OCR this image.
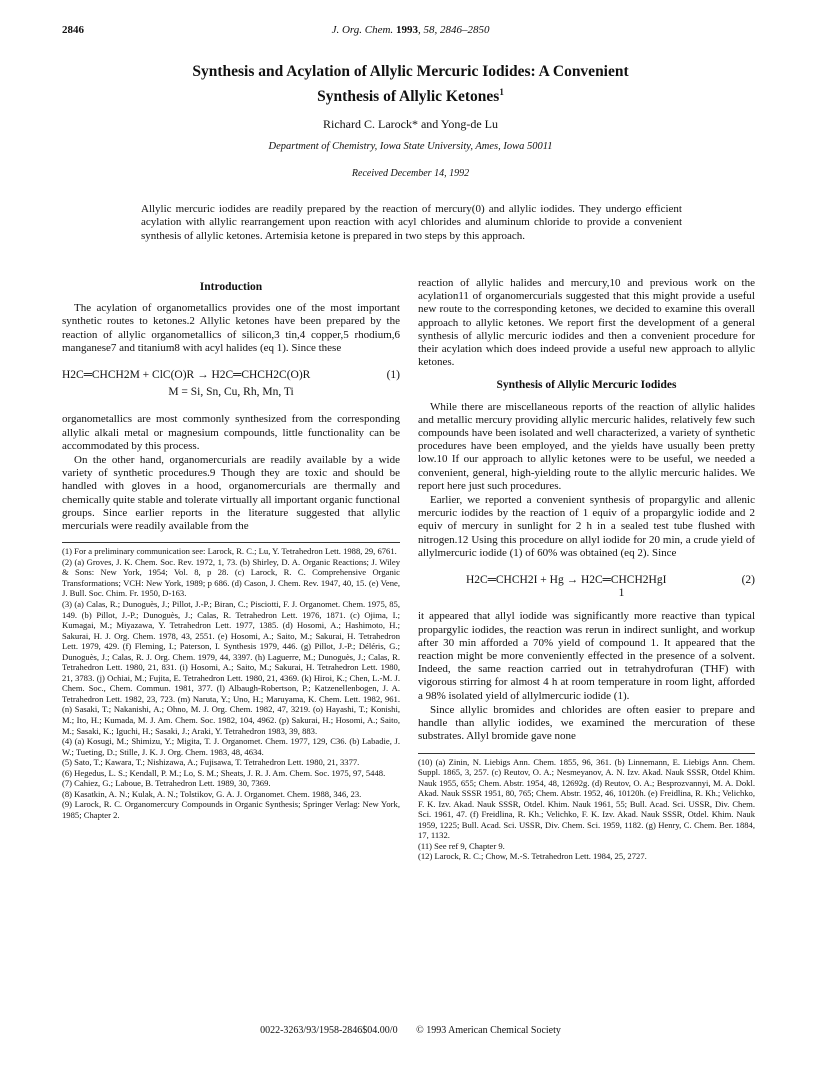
2846	J. Org. Chem. 1993, 58, 2846–2850
Synthesis and Acylation of Allylic Mercuric Iodides: A Convenient
Synthesis of Allylic Ketones$^1$
Richard C. Larock* and Yong-de Lu
Department of Chemistry, Iowa State University, Ames, Iowa 50011
Received December 14, 1992
Allylic mercuric iodides are readily prepared by the reaction of mercury(0) and allylic iodides. They undergo efficient acylation with allylic rearrangement upon reaction with acyl chlorides and aluminum chloride to provide a convenient synthesis of allylic ketones. Artemisia ketone is prepared in two steps by this approach.
Introduction

The acylation of organometallics provides one of the most important synthetic routes to ketones.2 Allylic ketones have been prepared by the reaction of allylic organometallics of silicon,3 tin,4 copper,5 rhodium,6 manganese7 and titanium8 with acyl halides (eq 1). Since these

H2C═CHCH2M + ClC(O)R → H2C═CHCH2C(O)R	(1)
M = Si, Sn, Cu, Rh, Mn, Ti

organometallics are most commonly synthesized from the corresponding allylic alkali metal or magnesium compounds, little functionality can be accommodated by this process.

On the other hand, organomercurials are readily available by a wide variety of synthetic procedures.9 Though they are toxic and should be handled with gloves in a hood, organomercurials are thermally and chemically quite stable and tolerate virtually all important organic functional groups. Since earlier reports in the literature suggested that allylic mercurials were readily available from the

(1) For a preliminary communication see: Larock, R. C.; Lu, Y. Tetrahedron Lett. 1988, 29, 6761.

(2) (a) Groves, J. K. Chem. Soc. Rev. 1972, 1, 73. (b) Shirley, D. A. Organic Reactions; J. Wiley & Sons: New York, 1954; Vol. 8, p 28. (c) Larock, R. C. Comprehensive Organic Transformations; VCH: New York, 1989; p 686. (d) Cason, J. Chem. Rev. 1947, 40, 15. (e) Vene, J. Bull. Soc. Chim. Fr. 1950, D-163.

(3) (a) Calas, R.; Dunoguès, J.; Pillot, J.-P.; Biran, C.; Pisciotti, F. J. Organomet. Chem. 1975, 85, 149. (b) Pillot, J.-P.; Dunoguès, J.; Calas, R. Tetrahedron Lett. 1976, 1871. (c) Ojima, I.; Kumagai, M.; Miyazawa, Y. Tetrahedron Lett. 1977, 1385. (d) Hosomi, A.; Hashimoto, H.; Sakurai, H. J. Org. Chem. 1978, 43, 2551. (e) Hosomi, A.; Saito, M.; Sakurai, H. Tetrahedron Lett. 1979, 429. (f) Fleming, I.; Paterson, I. Synthesis 1979, 446. (g) Pillot, J.-P.; Déléris, G.; Dunoguès, J.; Calas, R. J. Org. Chem. 1979, 44, 3397. (h) Laguerre, M.; Dunoguès, J.; Calas, R. Tetrahedron Lett. 1980, 21, 831. (i) Hosomi, A.; Saito, M.; Sakurai, H. Tetrahedron Lett. 1980, 21, 3783. (j) Ochiai, M.; Fujita, E. Tetrahedron Lett. 1980, 21, 4369. (k) Hiroi, K.; Chen, L.-M. J. Chem. Soc., Chem. Commun. 1981, 377. (l) Albaugh-Robertson, P.; Katzenellenbogen, J. A. Tetrahedron Lett. 1982, 23, 723. (m) Naruta, Y.; Uno, H.; Maruyama, K. Chem. Lett. 1982, 961. (n) Sasaki, T.; Nakanishi, A.; Ohno, M. J. Org. Chem. 1982, 47, 3219. (o) Hayashi, T.; Konishi, M.; Ito, H.; Kumada, M. J. Am. Chem. Soc. 1982, 104, 4962. (p) Sakurai, H.; Hosomi, A.; Saito, M.; Sasaki, K.; Iguchi, H.; Sasaki, J.; Araki, Y. Tetrahedron 1983, 39, 883.

(4) (a) Kosugi, M.; Shimizu, Y.; Migita, T. J. Organomet. Chem. 1977, 129, C36. (b) Labadie, J. W.; Tueting, D.; Stille, J. K. J. Org. Chem. 1983, 48, 4634.

(5) Sato, T.; Kawara, T.; Nishizawa, A.; Fujisawa, T. Tetrahedron Lett. 1980, 21, 3377.

(6) Hegedus, L. S.; Kendall, P. M.; Lo, S. M.; Sheats, J. R. J. Am. Chem. Soc. 1975, 97, 5448.

(7) Cahiez, G.; Laboue, B. Tetrahedron Lett. 1989, 30, 7369.

(8) Kasatkin, A. N.; Kulak, A. N.; Tolstikov, G. A. J. Organomet. Chem. 1988, 346, 23.

(9) Larock, R. C. Organomercury Compounds in Organic Synthesis; Springer Verlag: New York, 1985; Chapter 2.

reaction of allylic halides and mercury,10 and previous work on the acylation11 of organomercurials suggested that this might provide a useful new route to the corresponding ketones, we decided to examine this overall approach to allylic ketones. We report first the development of a general synthesis of allylic mercuric iodides and then a convenient procedure for their acylation which does indeed provide a useful new approach to allylic ketones.

Synthesis of Allylic Mercuric Iodides

While there are miscellaneous reports of the reaction of allylic halides and metallic mercury providing allylic mercuric halides, relatively few such compounds have been isolated and well characterized, a variety of synthetic procedures have been employed, and the yields have usually been pretty low.10 If our approach to allylic ketones were to be useful, we needed a convenient, general, high-yielding route to the allylic mercuric halides. We report here just such procedures.

Earlier, we reported a convenient synthesis of propargylic and allenic mercuric iodides by the reaction of 1 equiv of a propargylic iodide and 2 equiv of mercury in sunlight for 2 h in a sealed test tube flushed with nitrogen.12 Using this procedure on allyl iodide for 20 min, a crude yield of allylmercuric iodide (1) of 60% was obtained (eq 2). Since

H2C═CHCH2I + Hg → H2C═CHCH2HgI	(2)
1

it appeared that allyl iodide was significantly more reactive than typical propargylic iodides, the reaction was rerun in indirect sunlight, and workup after 30 min afforded a 70% yield of compound 1. It appeared that the reaction might be more conveniently effected in the presence of a solvent. Indeed, the same reaction carried out in tetrahydrofuran (THF) with vigorous stirring for almost 4 h at room temperature in room light, afforded a 98% isolated yield of allylmercuric iodide (1).

Since allylic bromides and chlorides are often easier to prepare and handle than allylic iodides, we examined the mercuration of these substrates. Allyl bromide gave none

(10) (a) Zinin, N. Liebigs Ann. Chem. 1855, 96, 361. (b) Linnemann, E. Liebigs Ann. Chem. Suppl. 1865, 3, 257. (c) Reutov, O. A.; Nesmeyanov, A. N. Izv. Akad. Nauk SSSR, Otdel Khim. Nauk 1955, 655; Chem. Abstr. 1954, 48, 12692g. (d) Reutov, O. A.; Besprozvannyi, M. A. Dokl. Akad. Nauk SSSR 1951, 80, 765; Chem. Abstr. 1952, 46, 10120h. (e) Freidlina, R. Kh.; Velichko, F. K. Izv. Akad. Nauk SSSR, Otdel. Khim. Nauk 1961, 55; Bull. Acad. Sci. USSR, Div. Chem. Sci. 1961, 47. (f) Freidlina, R. Kh.; Velichko, F. K. Izv. Akad. Nauk SSSR, Otdel. Khim. Nauk 1959, 1225; Bull. Acad. Sci. USSR, Div. Chem. Sci. 1959, 1182. (g) Henry, C. Chem. Ber. 1884, 17, 1132.

(11) See ref 9, Chapter 9.

(12) Larock, R. C.; Chow, M.-S. Tetrahedron Lett. 1984, 25, 2727.

0022-3263/93/1958-2846$04.00/0 © 1993 American Chemical Society
